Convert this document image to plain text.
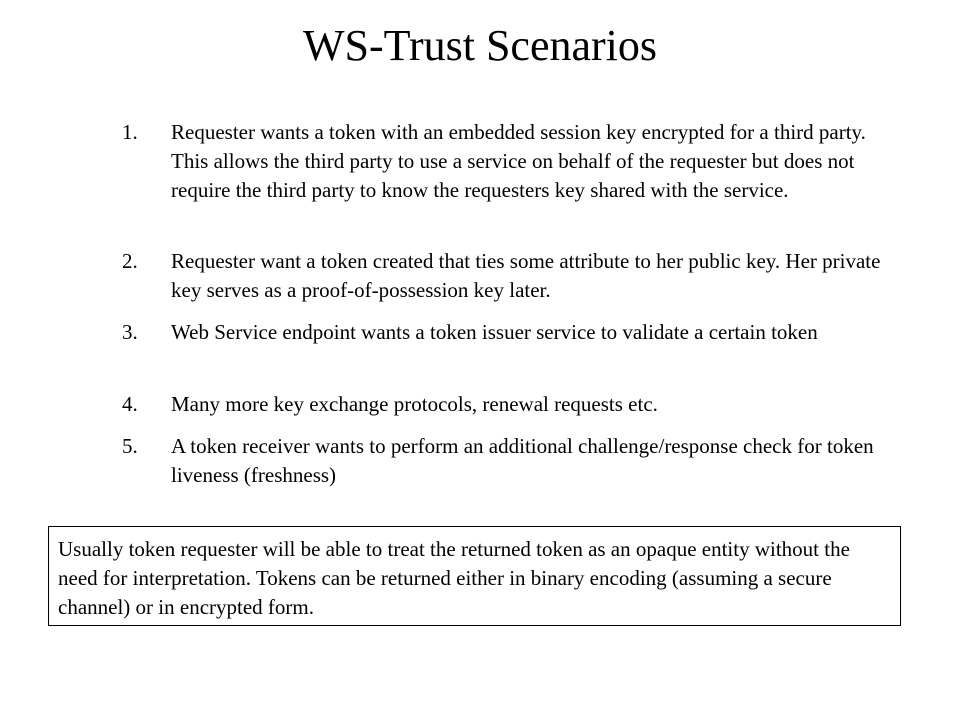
WS-Trust Scenarios
1.	Requester wants a token with an embedded session key encrypted for a third party. This allows the third party to use a service on behalf of the requester but does not require the third party to know the requesters key shared with the service.
2.	Requester want a token created that ties some attribute to her public key. Her private key serves as a proof-of-possession key later.
3.	Web Service endpoint wants a token issuer service to validate a certain token
4.	Many more key exchange protocols, renewal requests etc.
5.	A token receiver wants to perform an additional challenge/response check for token liveness (freshness)
Usually token requester will be able to treat the returned token as an opaque entity without the need for interpretation. Tokens can be returned either in binary encoding (assuming a secure channel) or in encrypted form.
